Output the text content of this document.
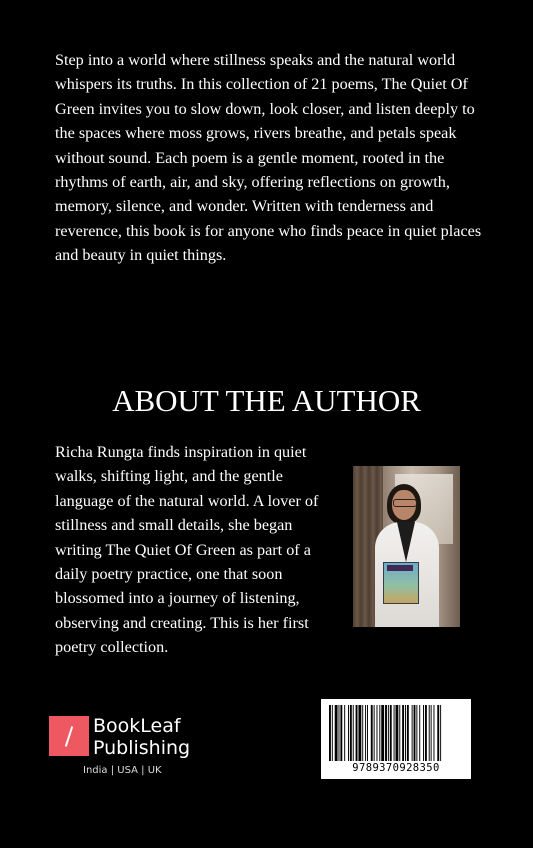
Step into a world where stillness speaks and the natural world whispers its truths. In this collection of 21 poems, The Quiet Of Green invites you to slow down, look closer, and listen deeply to the spaces where moss grows, rivers breathe, and petals speak without sound. Each poem is a gentle moment, rooted in the rhythms of earth, air, and sky, offering reflections on growth, memory, silence, and wonder. Written with tenderness and reverence, this book is for anyone who finds peace in quiet places and beauty in quiet things.

ABOUT THE AUTHOR

Richa Rungta finds inspiration in quiet walks, shifting light, and the gentle language of the natural world. A lover of stillness and small details, she began writing The Quiet Of Green as part of a daily poetry practice, one that soon blossomed into a journey of listening, observing and creating. This is her first poetry collection.

BookLeaf

Publishing

India | USA | UK	9789370928350
